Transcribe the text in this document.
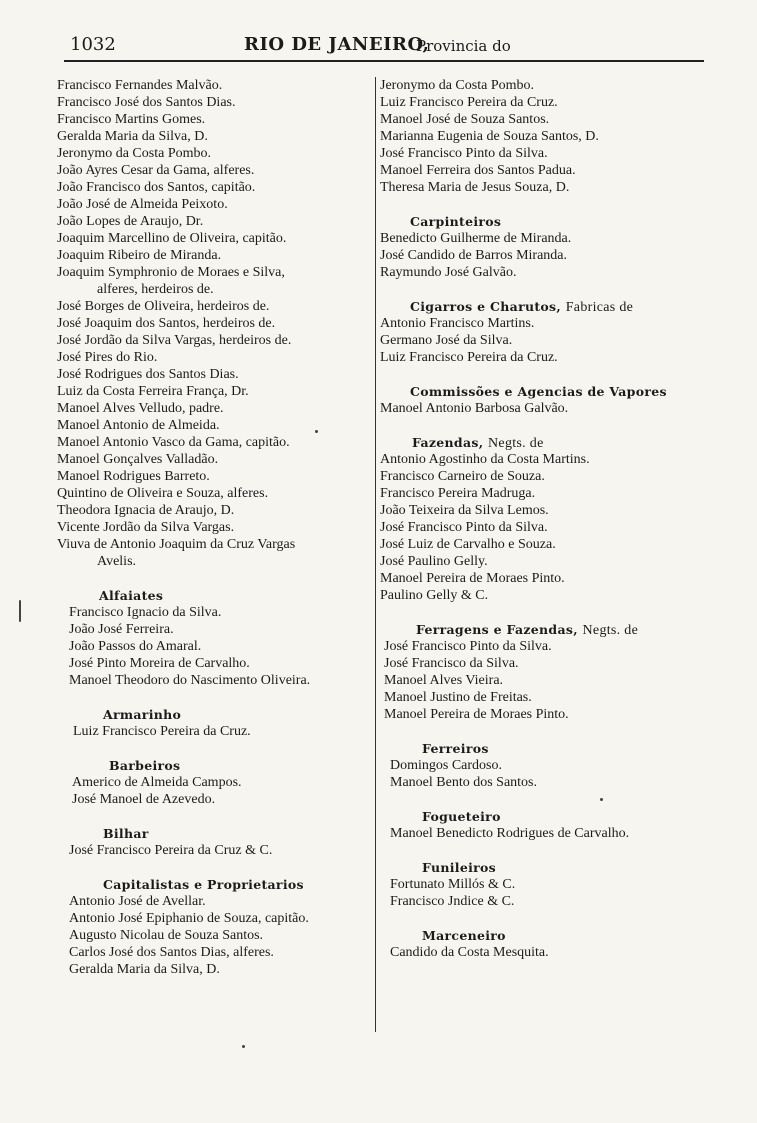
1032	RIO DE JANEIRO,
Provincia do
Francisco Fernandes Malvão.
Francisco José dos Santos Dias.
Francisco Martins Gomes.
Geralda Maria da Silva, D.
Jeronymo da Costa Pombo.
João Ayres Cesar da Gama, alferes.
João Francisco dos Santos, capitão.
João José de Almeida Peixoto.
João Lopes de Araujo, Dr.
Joaquim Marcellino de Oliveira, capitão.
Joaquim Ribeiro de Miranda.
Joaquim Symphronio de Moraes e Silva,
alferes, herdeiros de.
José Borges de Oliveira, herdeiros de.
José Joaquim dos Santos, herdeiros de.
José Jordão da Silva Vargas, herdeiros de.
José Pires do Rio.
José Rodrigues dos Santos Dias.
Luiz da Costa Ferreira França, Dr.
Manoel Alves Velludo, padre.
Manoel Antonio de Almeida.
Manoel Antonio Vasco da Gama, capitão.
Manoel Gonçalves Valladão.
Manoel Rodrigues Barreto.
Quintino de Oliveira e Souza, alferes.
Theodora Ignacia de Araujo, D.
Vicente Jordão da Silva Vargas.
Viuva de Antonio Joaquim da Cruz Vargas
Avelis.
Alfaiates
Francisco Ignacio da Silva.
João José Ferreira.
João Passos do Amaral.
José Pinto Moreira de Carvalho.
Manoel Theodoro do Nascimento Oliveira.
Armarinho
Luiz Francisco Pereira da Cruz.
Barbeiros
Americo de Almeida Campos.
José Manoel de Azevedo.
Bilhar
José Francisco Pereira da Cruz & C.
Capitalistas e Proprietarios
Antonio José de Avellar.
Antonio José Epiphanio de Souza, capitão.
Augusto Nicolau de Souza Santos.
Carlos José dos Santos Dias, alferes.
Geralda Maria da Silva, D.
Jeronymo da Costa Pombo.
Luiz Francisco Pereira da Cruz.
Manoel José de Souza Santos.
Marianna Eugenia de Souza Santos, D.
José Francisco Pinto da Silva.
Manoel Ferreira dos Santos Padua.
Theresa Maria de Jesus Souza, D.
Carpinteiros
Benedicto Guilherme de Miranda.
José Candido de Barros Miranda.
Raymundo José Galvão.
Cigarros e Charutos, Fabricas de
Antonio Francisco Martins.
Germano José da Silva.
Luiz Francisco Pereira da Cruz.
Commissões e Agencias de Vapores
Manoel Antonio Barbosa Galvão.
Fazendas, Negts. de
Antonio Agostinho da Costa Martins.
Francisco Carneiro de Souza.
Francisco Pereira Madruga.
João Teixeira da Silva Lemos.
José Francisco Pinto da Silva.
José Luiz de Carvalho e Souza.
José Paulino Gelly.
Manoel Pereira de Moraes Pinto.
Paulino Gelly & C.
Ferragens e Fazendas, Negts. de
José Francisco Pinto da Silva.
José Francisco da Silva.
Manoel Alves Vieira.
Manoel Justino de Freitas.
Manoel Pereira de Moraes Pinto.
Ferreiros
Domingos Cardoso.
Manoel Bento dos Santos.
Fogueteiro
Manoel Benedicto Rodrigues de Carvalho.
Funileiros
Fortunato Millós & C.
Francisco Jndice & C.
Marceneiro
Candido da Costa Mesquita.
